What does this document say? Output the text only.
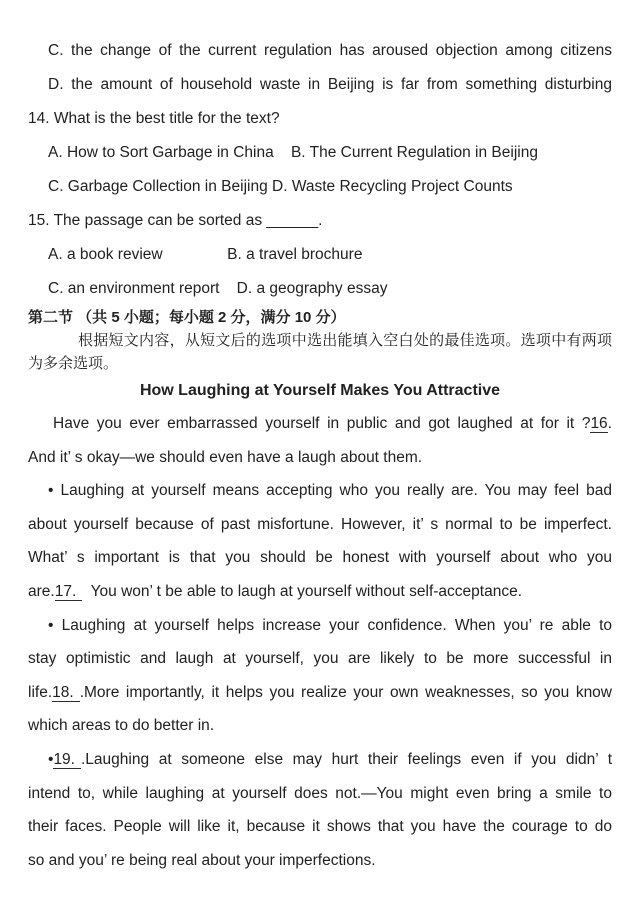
C. the change of the current regulation has aroused objection among citizens
D. the amount of household waste in Beijing is far from something disturbing
14. What is the best title for the text?
A. How to Sort Garbage in China    B. The Current Regulation in Beijing
C. Garbage Collection in Beijing D. Waste Recycling Project Counts
15. The passage can be sorted as ______.
A. a book review               B. a travel brochure
C. an environment report    D. a geography essay
第二节 （共 5 小题；每小题 2 分，满分 10 分）
根据短文内容，从短文后的选项中选出能填入空白处的最佳选项。选项中有两项
为多余选项。
How Laughing at Yourself Makes You Attractive
Have you ever embarrassed yourself in public and got laughed at for it ?16.
And it’ s okay—we should even have a laugh about them.
• Laughing at yourself means accepting who you really are. You may feel bad
about yourself because of past misfortune. However, it’ s normal to be imperfect.
What’ s important is that you should be honest with yourself about who you
are.17.  You won’ t be able to laugh at yourself without self-acceptance.
• Laughing at yourself helps increase your confidence. When you’ re able to
stay optimistic and laugh at yourself, you are likely to be more successful in
life.18. .More importantly, it helps you realize your own weaknesses, so you know
which areas to do better in.
•19. .Laughing at someone else may hurt their feelings even if you didn’ t
intend to, while laughing at yourself does not.—You might even bring a smile to
their faces. People will like it, because it shows that you have the courage to do
so and you’ re being real about your imperfections.
